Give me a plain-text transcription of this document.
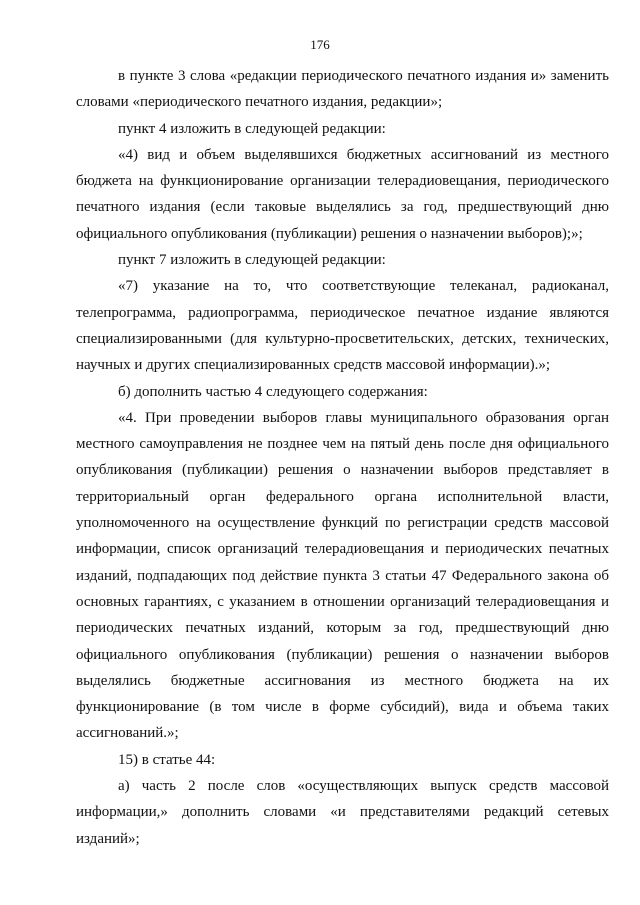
176

в пункте 3 слова «редакции периодического печатного издания и» заменить словами «периодического печатного издания, редакции»;

пункт 4 изложить в следующей редакции:

«4) вид и объем выделявшихся бюджетных ассигнований из местного бюджета на функционирование организации телерадиовещания, периодического печатного издания (если таковые выделялись за год, предшествующий дню официального опубликования (публикации) решения о назначении выборов);»;

пункт 7 изложить в следующей редакции:

«7) указание на то, что соответствующие телеканал, радиоканал, телепрограмма, радиопрограмма, периодическое печатное издание являются специализированными (для культурно-просветительских, детских, технических, научных и других специализированных средств массовой информации).»;

б) дополнить частью 4 следующего содержания:

«4. При проведении выборов главы муниципального образования орган местного самоуправления не позднее чем на пятый день после дня официального опубликования (публикации) решения о назначении выборов представляет в территориальный орган федерального органа исполнительной власти, уполномоченного на осуществление функций по регистрации средств массовой информации, список организаций телерадиовещания и периодических печатных изданий, подпадающих под действие пункта 3 статьи 47 Федерального закона об основных гарантиях, с указанием в отношении организаций телерадиовещания и периодических печатных изданий, которым за год, предшествующий дню официального опубликования (публикации) решения о назначении выборов выделялись бюджетные ассигнования из местного бюджета на их функционирование (в том числе в форме субсидий), вида и объема таких ассигнований.»;

15) в статье 44:

а) часть 2 после слов «осуществляющих выпуск средств массовой информации,» дополнить словами «и представителями редакций сетевых изданий»;
